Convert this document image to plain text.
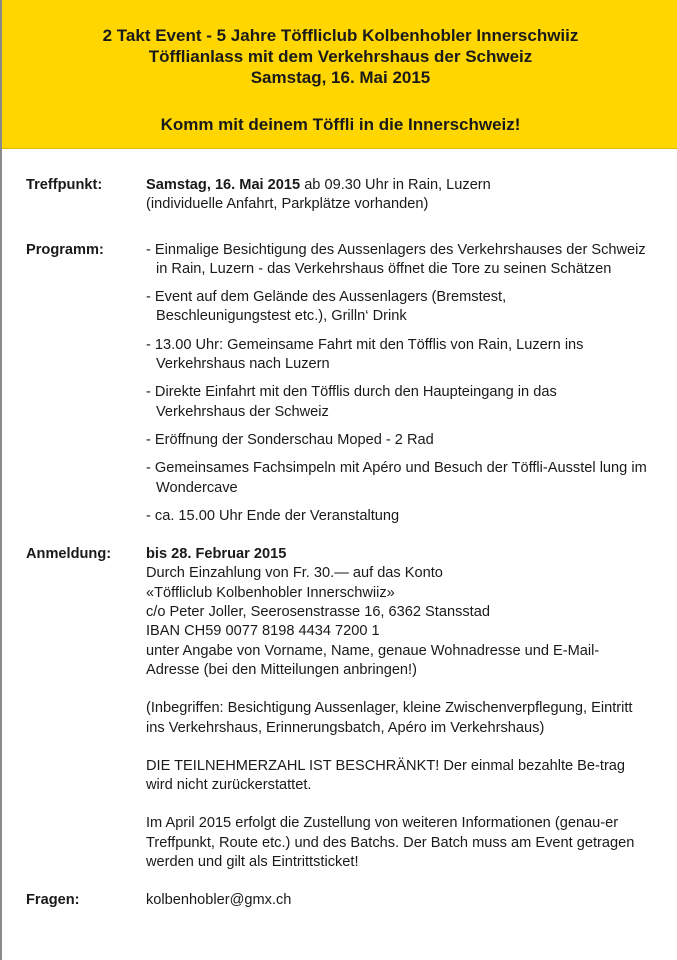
2 Takt Event - 5 Jahre Töffliclub Kolbenhobler Innerschwiiz
Töfflianlass mit dem Verkehrshaus der Schweiz
Samstag, 16. Mai 2015
Komm mit deinem Töffli in die Innerschweiz!
Treffpunkt:	Samstag, 16. Mai 2015 ab 09.30 Uhr in Rain, Luzern
(individuelle Anfahrt, Parkplätze vorhanden)
Programm:	- Einmalige Besichtigung des Aussenlagers des Verkehrshauses der Schweiz in Rain, Luzern - das Verkehrshaus öffnet die Tore zu seinen Schätzen
- Event auf dem Gelände des Aussenlagers (Bremstest, Beschleunigungstest etc.), Grilln‘ Drink
- 13.00 Uhr: Gemeinsame Fahrt mit den Töfflis von Rain, Luzern ins Verkehrshaus nach Luzern
- Direkte Einfahrt mit den Töfflis durch den Haupteingang in das Verkehrshaus der Schweiz
- Eröffnung der Sonderschau Moped - 2 Rad
- Gemeinsames Fachsimpeln mit Apéro und Besuch der Töffli-Ausstel lung im Wondercave
- ca. 15.00 Uhr Ende der Veranstaltung
Anmeldung:	bis 28. Februar 2015
Durch Einzahlung von Fr. 30.— auf das Konto
«Töffliclub Kolbenhobler Innerschwiiz»
c/o Peter Joller, Seerosenstrasse 16, 6362 Stansstad
IBAN CH59 0077 8198 4434 7200 1
unter Angabe von Vorname, Name, genaue Wohnadresse und E-Mail-
Adresse (bei den Mitteilungen anbringen!)
(Inbegriffen: Besichtigung Aussenlager, kleine Zwischenverpflegung, Eintritt ins Verkehrshaus, Erinnerungsbatch, Apéro im Verkehrshaus)
DIE TEILNEHMERZAHL IST BESCHRÄNKT! Der einmal bezahlte Be-trag wird nicht zurückerstattet.
Im April 2015 erfolgt die Zustellung von weiteren Informationen (genau-er Treffpunkt, Route etc.) und des Batchs. Der Batch muss am Event getragen werden und gilt als Eintrittsticket!
Fragen:	kolbenhobler@gmx.ch
